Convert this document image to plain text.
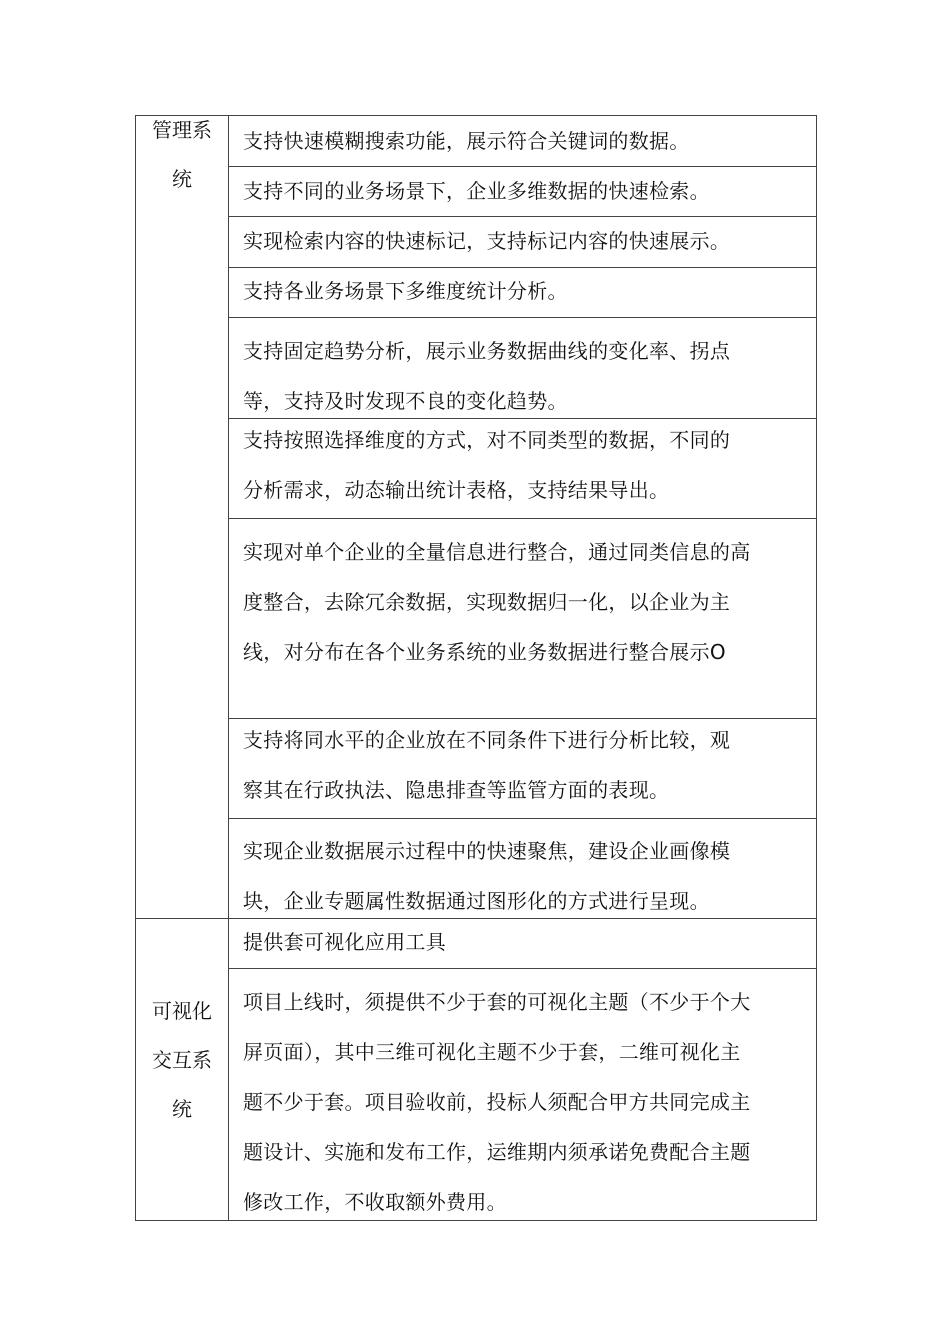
管理系
统
支持快速模糊搜索功能，展示符合关键词的数据。
支持不同的业务场景下，企业多维数据的快速检索。
实现检索内容的快速标记，支持标记内容的快速展示。
支持各业务场景下多维度统计分析。
支持固定趋势分析，展示业务数据曲线的变化率、拐点
等，支持及时发现不良的变化趋势。
支持按照选择维度的方式，对不同类型的数据，不同的
分析需求，动态输出统计表格，支持结果导出。
实现对单个企业的全量信息进行整合，通过同类信息的高
度整合，去除冗余数据，实现数据归一化，以企业为主
线，对分布在各个业务系统的业务数据进行整合展示O
支持将同水平的企业放在不同条件下进行分析比较，观
察其在行政执法、隐患排查等监管方面的表现。
实现企业数据展示过程中的快速聚焦，建设企业画像模
块，企业专题属性数据通过图形化的方式进行呈现。
可视化
交互系
统
提供套可视化应用工具
项目上线时，须提供不少于套的可视化主题（不少于个大
屏页面），其中三维可视化主题不少于套，二维可视化主
题不少于套。项目验收前，投标人须配合甲方共同完成主
题设计、实施和发布工作，运维期内须承诺免费配合主题
修改工作，不收取额外费用。
